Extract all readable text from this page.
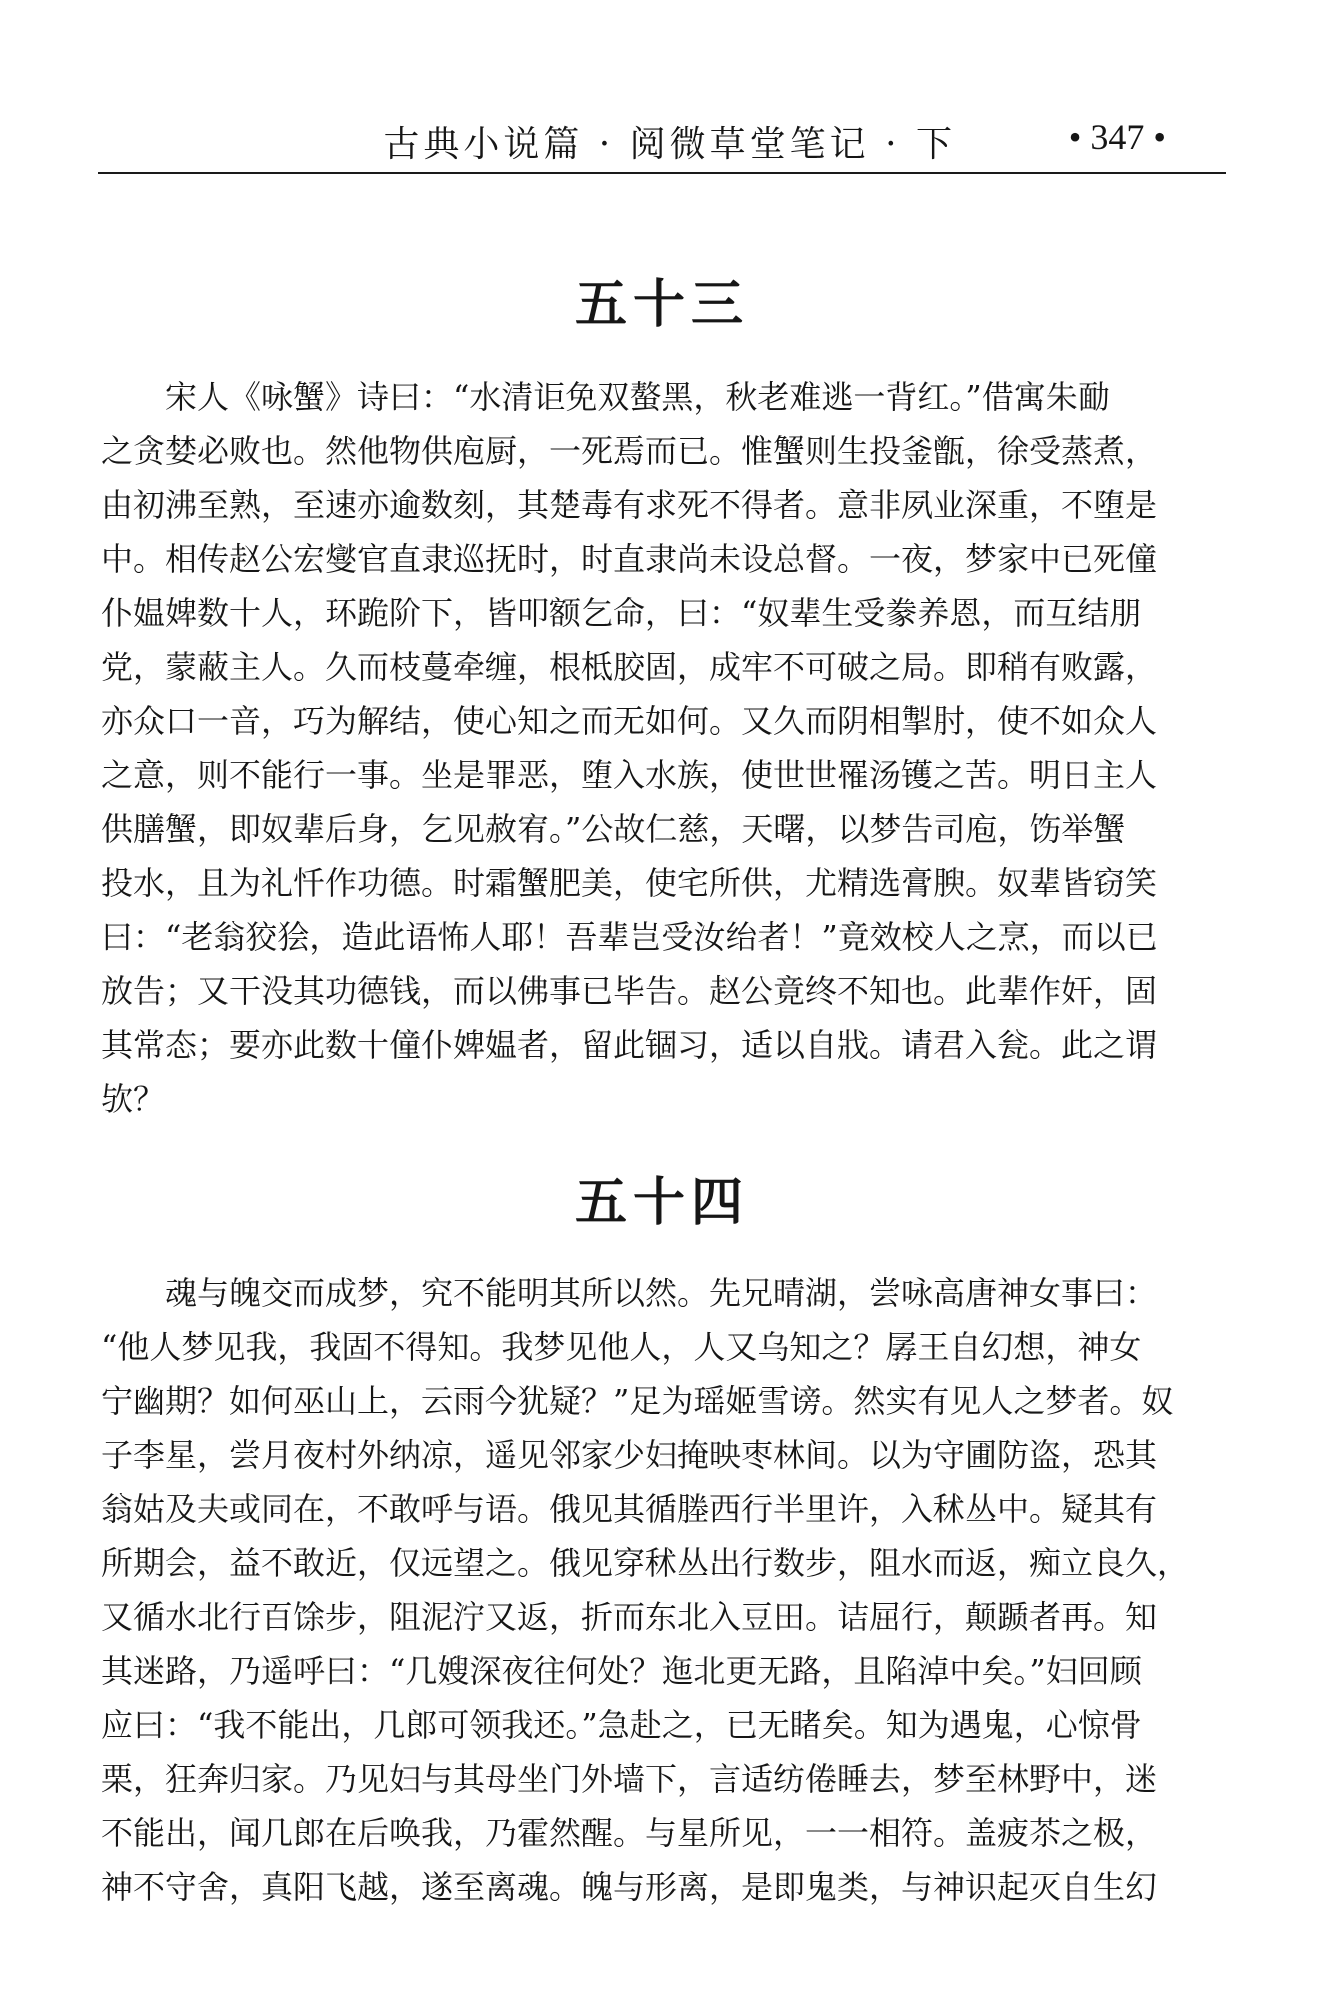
古典小说篇 · 阅微草堂笔记 · 下	• 347 •
五十三
　　宋人《咏蟹》诗曰：“水清讵免双螯黑，秋老难逃一背红。”借寓朱勔
之贪婪必败也。然他物供庖厨，一死焉而已。惟蟹则生投釜甑，徐受蒸煮，
由初沸至熟，至速亦逾数刻，其楚毒有求死不得者。意非夙业深重，不堕是
中。相传赵公宏燮官直隶巡抚时，时直隶尚未设总督。一夜，梦家中已死僮
仆媪婢数十人，环跪阶下，皆叩额乞命，曰：“奴辈生受豢养恩，而互结朋
党，蒙蔽主人。久而枝蔓牵缠，根柢胶固，成牢不可破之局。即稍有败露，
亦众口一音，巧为解结，使心知之而无如何。又久而阴相掣肘，使不如众人
之意，则不能行一事。坐是罪恶，堕入水族，使世世罹汤镬之苦。明日主人
供膳蟹，即奴辈后身，乞见赦宥。”公故仁慈，天曙，以梦告司庖，饬举蟹
投水，且为礼忏作功德。时霜蟹肥美，使宅所供，尤精选膏腴。奴辈皆窃笑
曰：“老翁狡狯，造此语怖人耶！吾辈岂受汝绐者！”竟效校人之烹，而以已
放告；又干没其功德钱，而以佛事已毕告。赵公竟终不知也。此辈作奸，固
其常态；要亦此数十僮仆婢媪者，留此锢习，适以自戕。请君入瓮。此之谓
欤？
五十四
　　魂与魄交而成梦，究不能明其所以然。先兄晴湖，尝咏高唐神女事曰：
“他人梦见我，我固不得知。我梦见他人，人又乌知之？孱王自幻想，神女
宁幽期？如何巫山上，云雨今犹疑？”足为瑶姬雪谤。然实有见人之梦者。奴
子李星，尝月夜村外纳凉，遥见邻家少妇掩映枣林间。以为守圃防盗，恐其
翁姑及夫或同在，不敢呼与语。俄见其循塍西行半里许，入秫丛中。疑其有
所期会，益不敢近，仅远望之。俄见穿秫丛出行数步，阻水而返，痴立良久，
又循水北行百馀步，阻泥泞又返，折而东北入豆田。诘屈行，颠踬者再。知
其迷路，乃遥呼曰：“几嫂深夜往何处？迤北更无路，且陷淖中矣。”妇回顾
应曰：“我不能出，几郎可领我还。”急赴之，已无睹矣。知为遇鬼，心惊骨
栗，狂奔归家。乃见妇与其母坐门外墙下，言适纺倦睡去，梦至林野中，迷
不能出，闻几郎在后唤我，乃霍然醒。与星所见，一一相符。盖疲苶之极，
神不守舍，真阳飞越，遂至离魂。魄与形离，是即鬼类，与神识起灭自生幻
